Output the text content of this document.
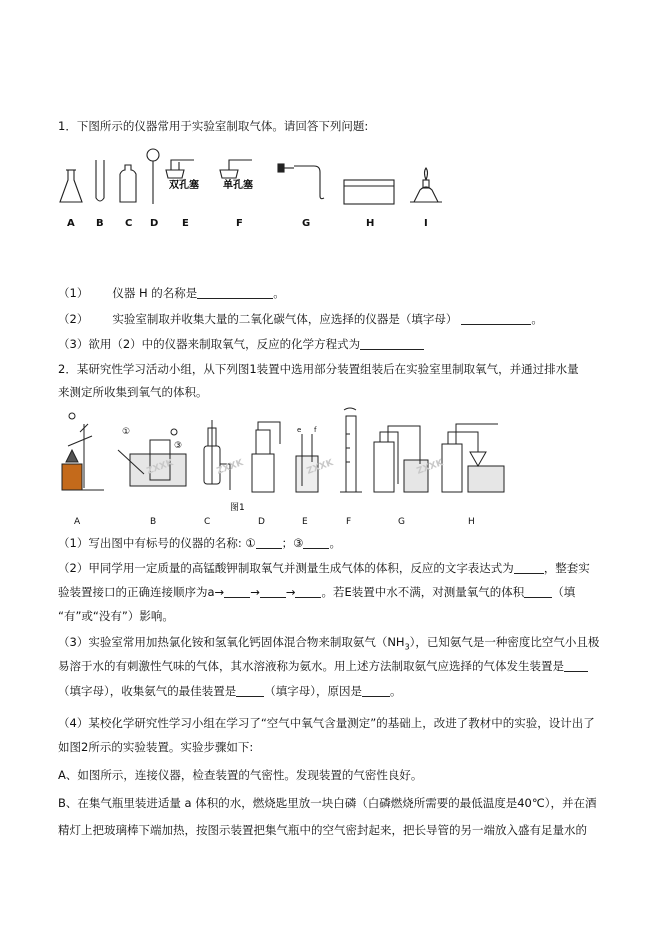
1．下图所示的仪器常用于实验室制取气体。请回答下列问题:
双孔塞 单孔塞
A B C D E	F	G	H	I
（1） 仪器 H 的名称是	。
（2） 实验室制取并收集大量的二氧化碳气体，应选择的仪器是（填字母）	。
（3）欲用（2）中的仪器来制取氧气，反应的化学方程式为
2．某研究性学习活动小组，从下列图1装置中选用部分装置组装后在实验室里制取氧气，并通过排水量
来测定所收集到氧气的体积。
e f
ZXXK	ZXXK	ZXXK	ZXXK
图1
A	B	C	D	E	F	G	H
①
③
（1）写出图中有标号的仪器的名称: ① ；③ 。
（2）甲同学用一定质量的高锰酸钾制取氧气并测量生成气体的体积，反应的文字表达式为	，整套实
验装置接口的正确连接顺序为a→ → → 。若E装置中水不满，对测量氧气的体积 （填
“有”或“没有”）影响。
（3）实验室常用加热氯化铵和氢氧化钙固体混合物来制取氨气$(NH_3)$，已知氨气是一种密度比空气小且极
易溶于水的有刺激性气味的气体，其水溶液称为氨水。用上述方法制取氨气应选择的气体发生装置是
（填字母），收集氨气的最佳装置是 （填字母），原因是 。
（4）某校化学研究性学习小组在学习了“空气中氧气含量测定”的基础上，改进了教材中的实验，设计出了
如图2所示的实验装置。实验步骤如下:
A、如图所示，连接仪器，检查装置的气密性。发现装置的气密性良好。
B、在集气瓶里装进适量 a 体积的水，燃烧匙里放一块白磷（白磷燃烧所需要的最低温度是40℃），并在酒
精灯上把玻璃棒下端加热，按图示装置把集气瓶中的空气密封起来，把长导管的另一端放入盛有足量水的
